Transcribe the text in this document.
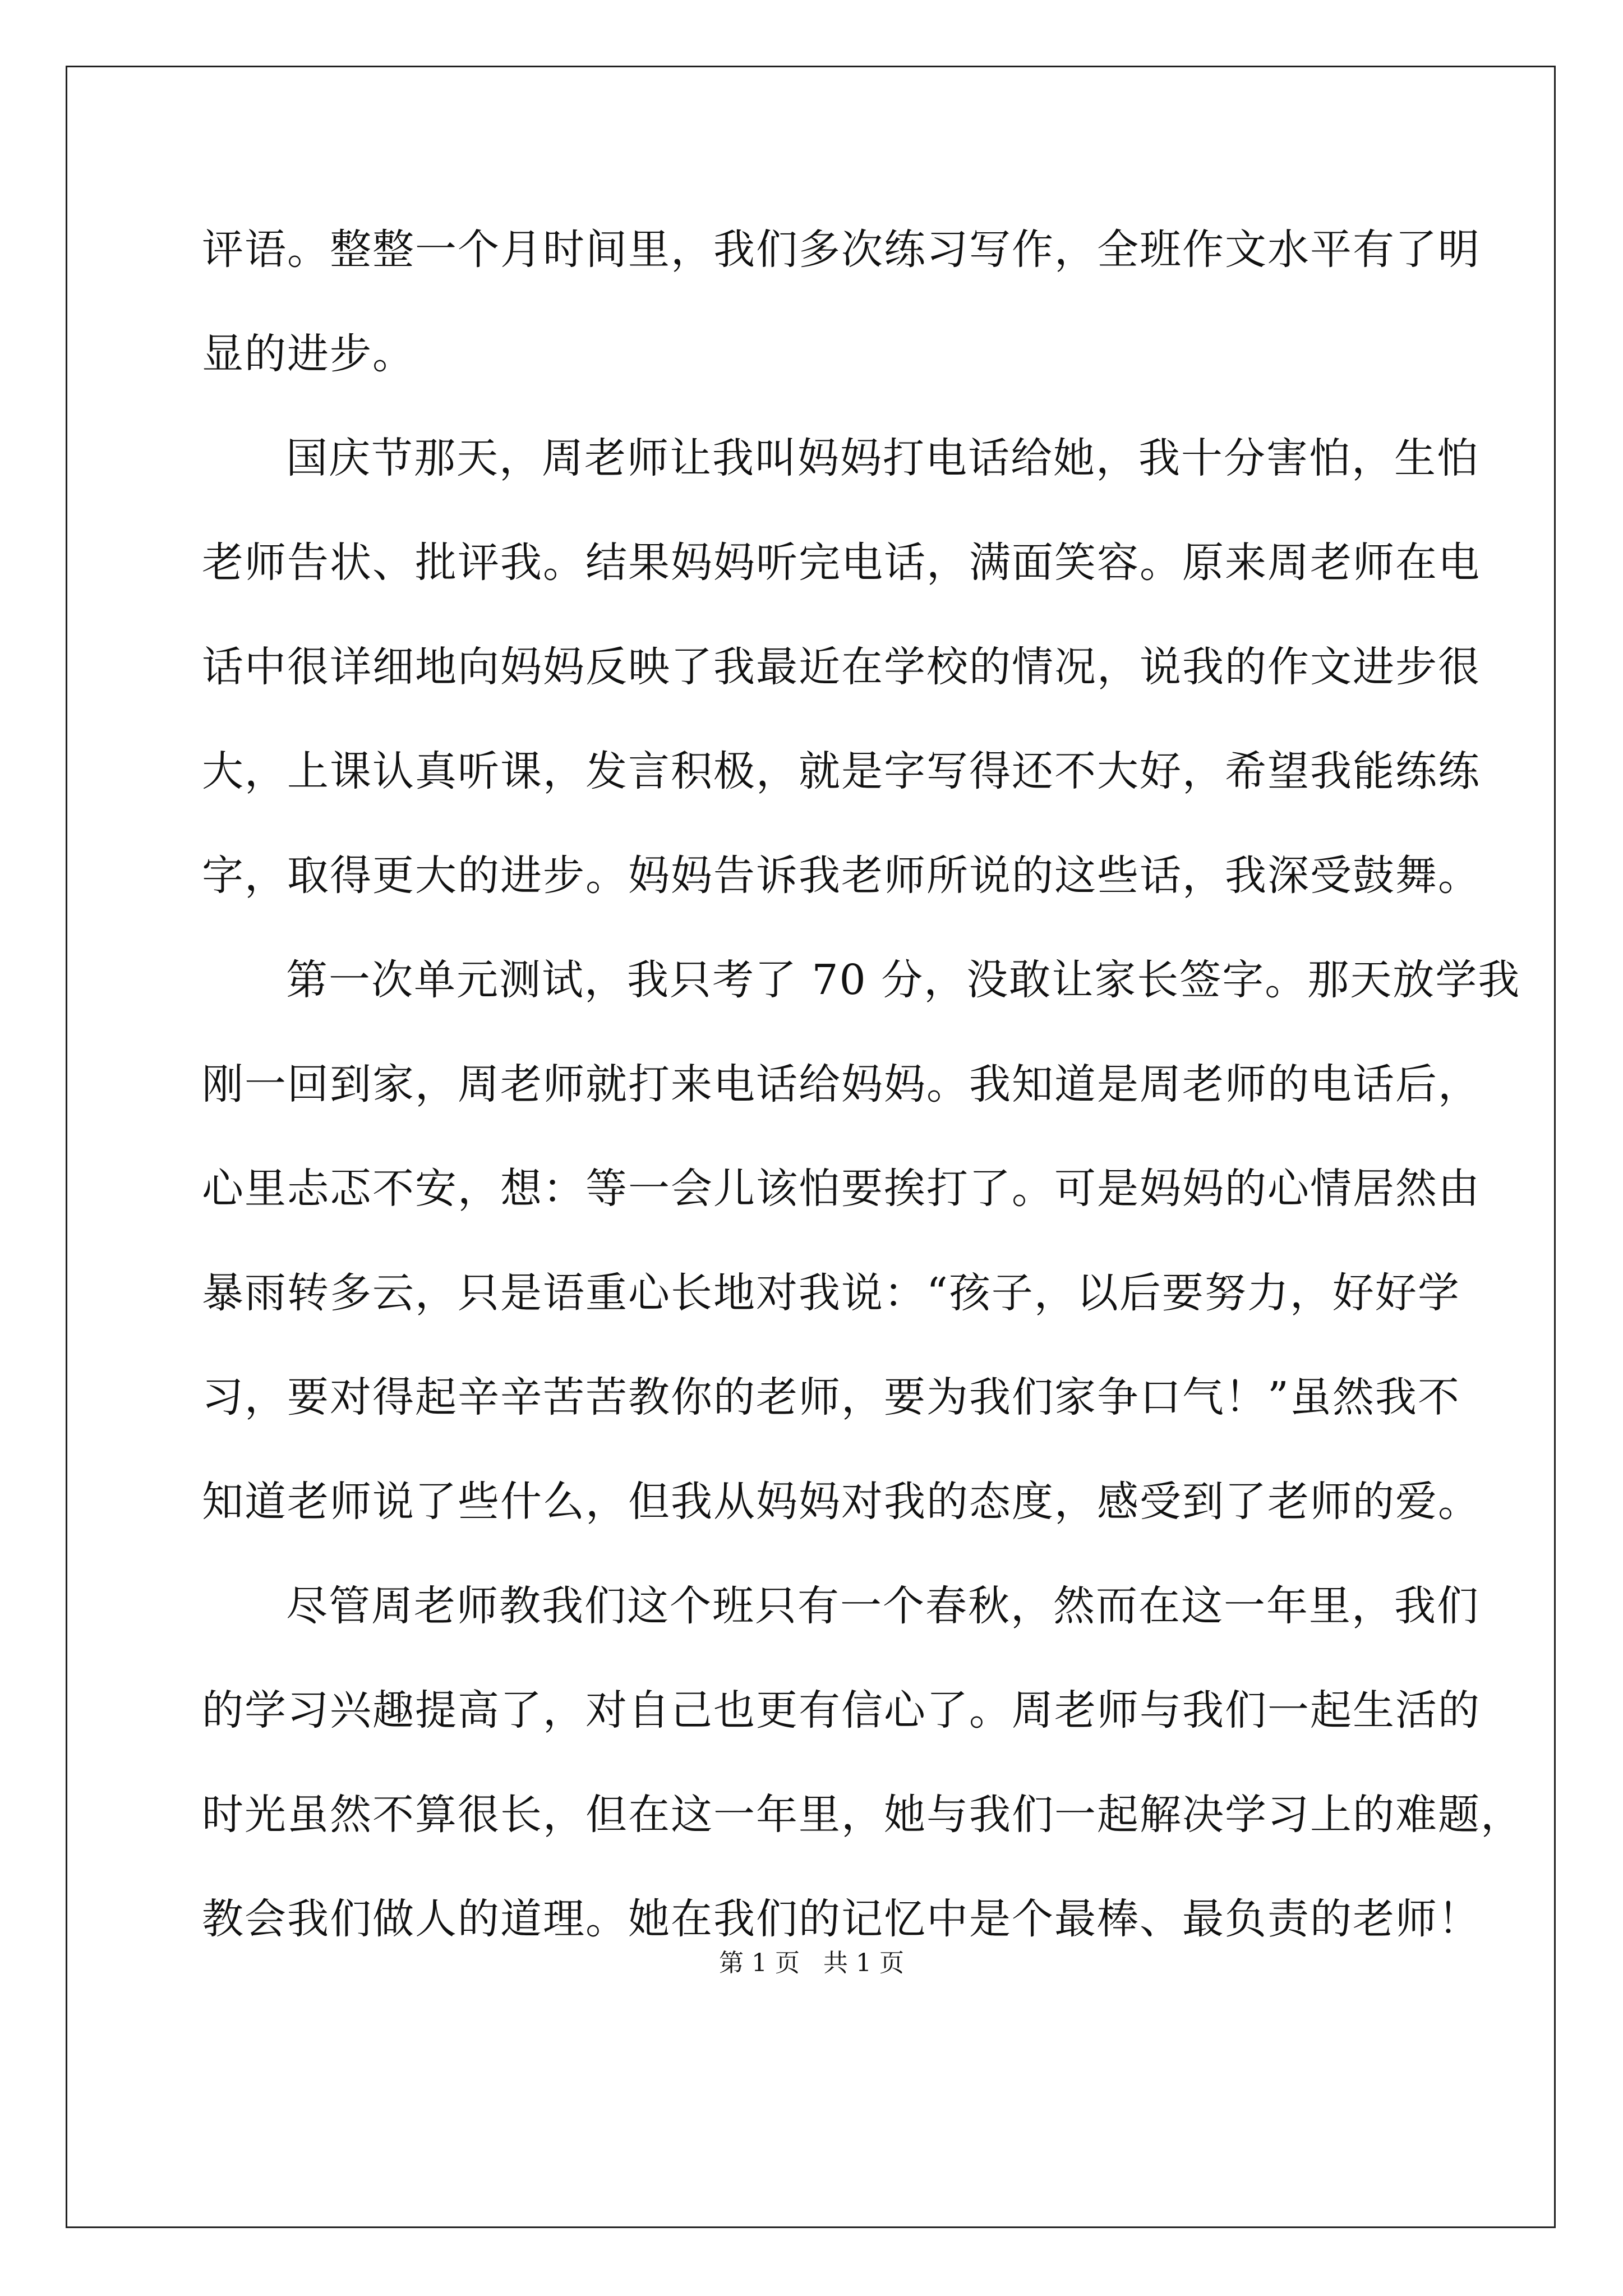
评语。整整一个月时间里，我们多次练习写作，全班作文水平有了明
显的进步。
国庆节那天，周老师让我叫妈妈打电话给她，我十分害怕，生怕
老师告状、批评我。结果妈妈听完电话，满面笑容。原来周老师在电
话中很详细地向妈妈反映了我最近在学校的情况，说我的作文进步很
大，上课认真听课，发言积极，就是字写得还不大好，希望我能练练
字，取得更大的进步。妈妈告诉我老师所说的这些话，我深受鼓舞。
第一次单元测试，我只考了 70 分，没敢让家长签字。那天放学我
刚一回到家，周老师就打来电话给妈妈。我知道是周老师的电话后，
心里忐忑不安，想：等一会儿该怕要挨打了。可是妈妈的心情居然由
暴雨转多云，只是语重心长地对我说：“孩子，以后要努力，好好学
习，要对得起辛辛苦苦教你的老师，要为我们家争口气！”虽然我不
知道老师说了些什么，但我从妈妈对我的态度，感受到了老师的爱。
尽管周老师教我们这个班只有一个春秋，然而在这一年里，我们
的学习兴趣提高了，对自己也更有信心了。周老师与我们一起生活的
时光虽然不算很长，但在这一年里，她与我们一起解决学习上的难题，
教会我们做人的道理。她在我们的记忆中是个最棒、最负责的老师！
第 1 页 共 1 页
